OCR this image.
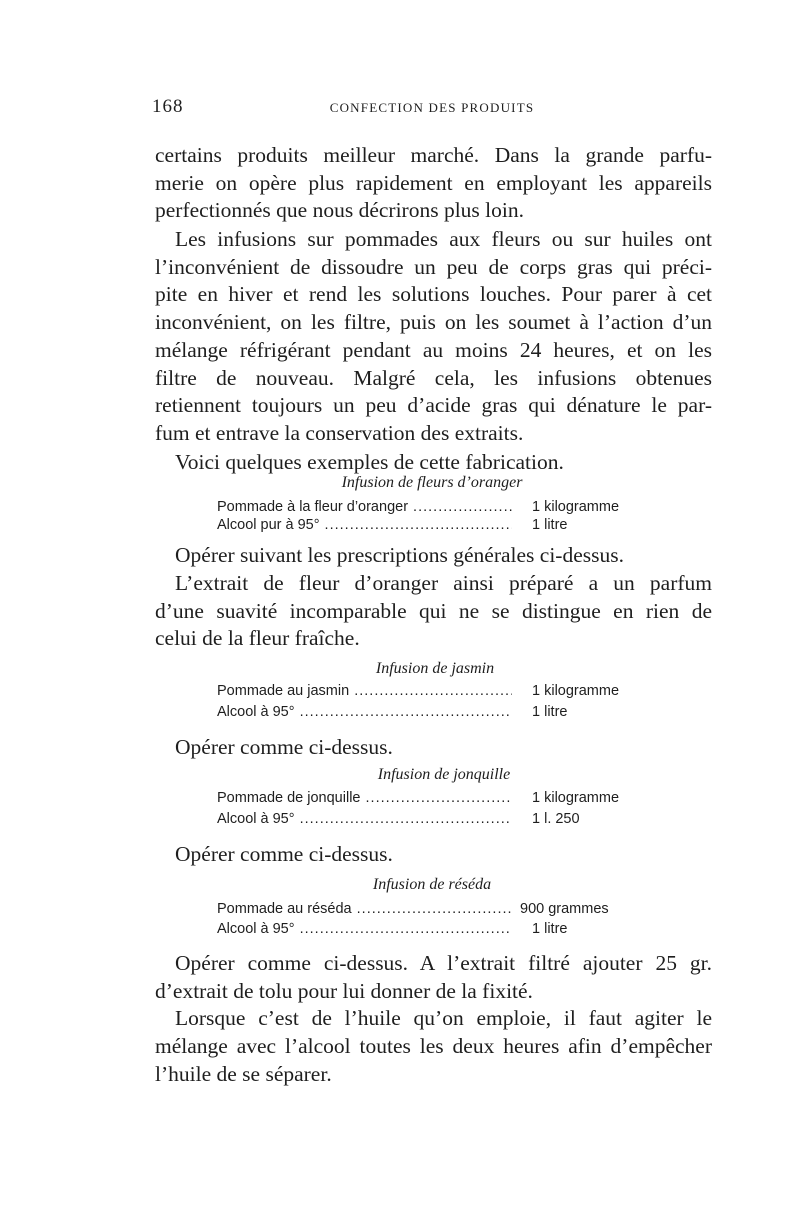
168	CONFECTION DES PRODUITS
certains produits meilleur marché. Dans la grande parfu-
merie on opère plus rapidement en employant les appareils
perfectionnés que nous décrirons plus loin.
Les infusions sur pommades aux fleurs ou sur huiles ont
l’inconvénient de dissoudre un peu de corps gras qui préci-
pite en hiver et rend les solutions louches. Pour parer à cet
inconvénient, on les filtre, puis on les soumet à l’action d’un
mélange réfrigérant pendant au moins 24 heures, et on les
filtre de nouveau. Malgré cela, les infusions obtenues
retiennent toujours un peu d’acide gras qui dénature le par-
fum et entrave la conservation des extraits.
Voici quelques exemples de cette fabrication.
Infusion de fleurs d’oranger
Pommade à la fleur d’oranger .....	1 kilogramme
Alcool pur à 95° .....	1 litre
Opérer suivant les prescriptions générales ci-dessus.
L’extrait de fleur d’oranger ainsi préparé a un parfum
d’une suavité incomparable qui ne se distingue en rien de
celui de la fleur fraîche.
Infusion de jasmin
Pommade au jasmin .....	1 kilogramme
Alcool à 95° .....	1 litre
Opérer comme ci-dessus.
Infusion de jonquille
Pommade de jonquille .....	1 kilogramme
Alcool à 95° .....	1 l. 250
Opérer comme ci-dessus.
Infusion de réséda
Pommade au réséda .....	900 grammes
Alcool à 95° .....	1 litre
Opérer comme ci-dessus. A l’extrait filtré ajouter 25 gr.
d’extrait de tolu pour lui donner de la fixité.
Lorsque c’est de l’huile qu’on emploie, il faut agiter le
mélange avec l’alcool toutes les deux heures afin d’empêcher
l’huile de se séparer.
